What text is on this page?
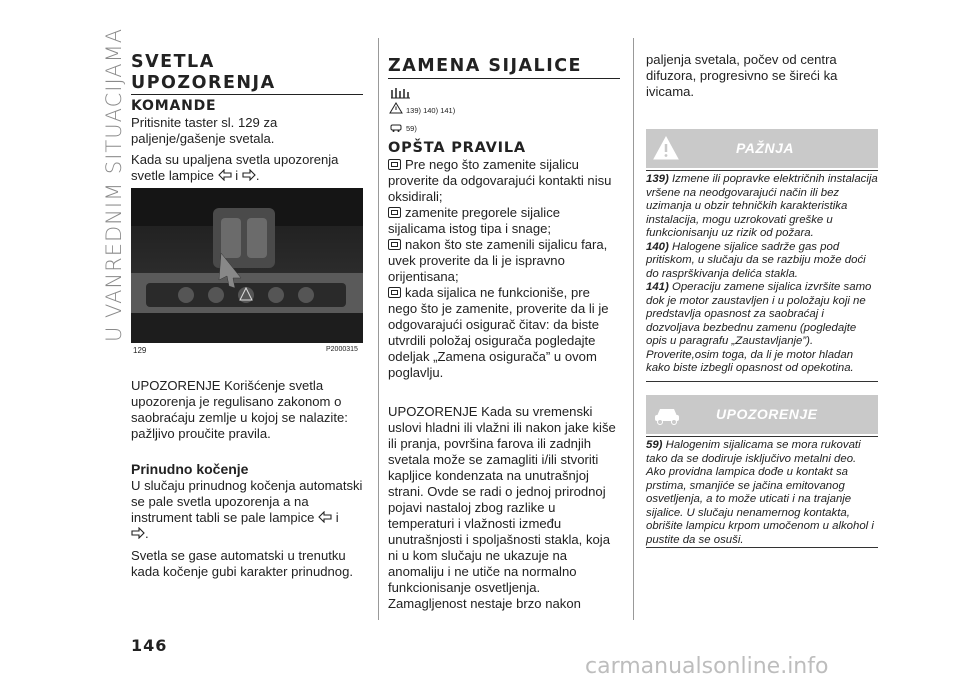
U VANREDNIM SITUACIJAMA SVETLA
UPOZORENJA
KOMANDE
Pritisnite taster sl. 129 za paljenje/gašenje svetala.
Kada su upaljena svetla upozorenja svetle lampice i .
129	P2000315
UPOZORENJE Korišćenje svetla upozorenja je regulisano zakonom o saobraćaju zemlje u kojoj se nalazite: pažljivo proučite pravila.
Prinudno kočenje
U slučaju prinudnog kočenja automatski se pale svetla upozorenja a na instrument tabli se pale lampice i
.
Svetla se gase automatski u trenutku kada kočenje gubi karakter prinudnog.
ZAMENA SIJALICE
139) 140) 141)
59)
OPŠTA PRAVILA

Pre nego što zamenite sijalicu proverite da odgovarajući kontakti nisu oksidirali;

zamenite pregorele sijalice sijalicama istog tipa i snage;

nakon što ste zamenili sijalicu fara, uvek proverite da li je ispravno orijentisana;

kada sijalica ne funkcioniše, pre nego što je zamenite, proverite da li je odgovarajući osigurač čitav: da biste utvrdili položaj osigurača pogledajte odeljak „Zamena osigurača” u ovom poglavlju.

UPOZORENJE Kada su vremenski uslovi hladni ili vlažni ili nakon jake kiše ili pranja, površina farova ili zadnjih svetala može se zamagliti i/ili stvoriti kapljice kondenzata na unutrašnjoj strani. Ovde se radi o jednoj prirodnoj pojavi nastaloj zbog razlike u temperaturi i vlažnosti između unutrašnjosti i spoljašnosti stakla, koja ni u kom slučaju ne ukazuje na anomaliju i ne utiče na normalno funkcionisanje osvetljenja. Zamagljenost nestaje brzo nakon
paljenja svetala, počev od centra difuzora, progresivno se šireći ka ivicama.
PAŽNJA

139) Izmene ili popravke električnih instalacija vršene na neodgovarajući način ili bez uzimanja u obzir tehničkih karakteristika instalacija, mogu uzrokovati greške u funkcionisanju uz rizik od požara.

140) Halogene sijalice sadrže gas pod pritiskom, u slučaju da se razbiju može doći do rasprškivanja delića stakla.

141) Operaciju zamene sijalica izvršite samo dok je motor zaustavljen i u položaju koji ne predstavlja opasnost za saobraćaj i dozvoljava bezbednu zamenu (pogledajte opis u paragrafu „Zaustavljanje”). Proverite,osim toga, da li je motor hladan kako biste izbegli opasnost od opekotina.

UPOZORENJE

59) Halogenim sijalicama se mora rukovati tako da se dodiruje isključivo metalni deo. Ako providna lampica dođe u kontakt sa prstima, smanjiće se jačina emitovanog osvetljenja, a to može uticati i na trajanje sijalice. U slučaju nenamernog kontakta, obrišite lampicu krpom umočenom u alkohol i pustite da se osuši.

146
carmanualsonline.info
